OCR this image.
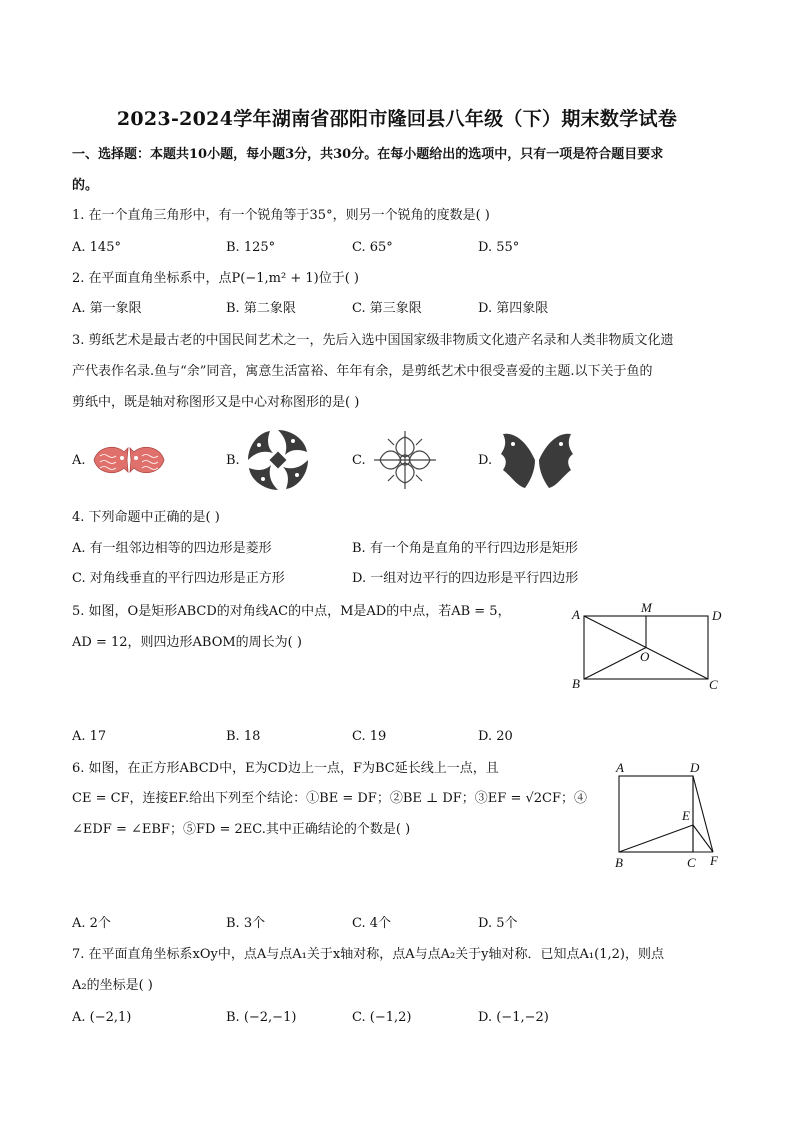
2023-2024学年湖南省邵阳市隆回县八年级（下）期末数学试卷
一、选择题：本题共10小题，每小题3分，共30分。在每小题给出的选项中，只有一项是符合题目要求
的。
1. 在一个直角三角形中，有一个锐角等于35°，则另一个锐角的度数是( )
A. 145°	B. 125°	C. 65°	D. 55°
2. 在平面直角坐标系中，点P(−1,m² + 1)位于( )
A. 第一象限	B. 第二象限	C. 第三象限	D. 第四象限
3. 剪纸艺术是最古老的中国民间艺术之一，先后入选中国国家级非物质文化遗产名录和人类非物质文化遗
产代表作名录.鱼与“余”同音，寓意生活富裕、年年有余，是剪纸艺术中很受喜爱的主题.以下关于鱼的
剪纸中，既是轴对称图形又是中心对称图形的是( )
A.	B.	C.	D.
4. 下列命题中正确的是( )
A. 有一组邻边相等的四边形是菱形	B. 有一个角是直角的平行四边形是矩形
C. 对角线垂直的平行四边形是正方形	D. 一组对边平行的四边形是平行四边形
5. 如图，O是矩形ABCD的对角线AC的中点，M是AD的中点，若AB = 5，
AD = 12，则四边形ABOM的周长为( )
A	M
D
O
B	C
A. 17	B. 18	C. 19	D. 20
6. 如图，在正方形ABCD中，E为CD边上一点，F为BC延长线上一点，且
CE = CF，连接EF.给出下列至个结论：①BE = DF；②BE ⊥ DF；③EF = √2CF；④
∠EDF = ∠EBF；⑤FD = 2EC.其中正确结论的个数是( )
A	D
E
B	C F
A. 2个	B. 3个	C. 4个	D. 5个
7. 在平面直角坐标系xOy中，点A与点A₁关于x轴对称，点A与点A₂关于y轴对称．已知点A₁(1,2)，则点
A₂的坐标是( )
A. (−2,1)	B. (−2,−1)	C. (−1,2)	D. (−1,−2)
